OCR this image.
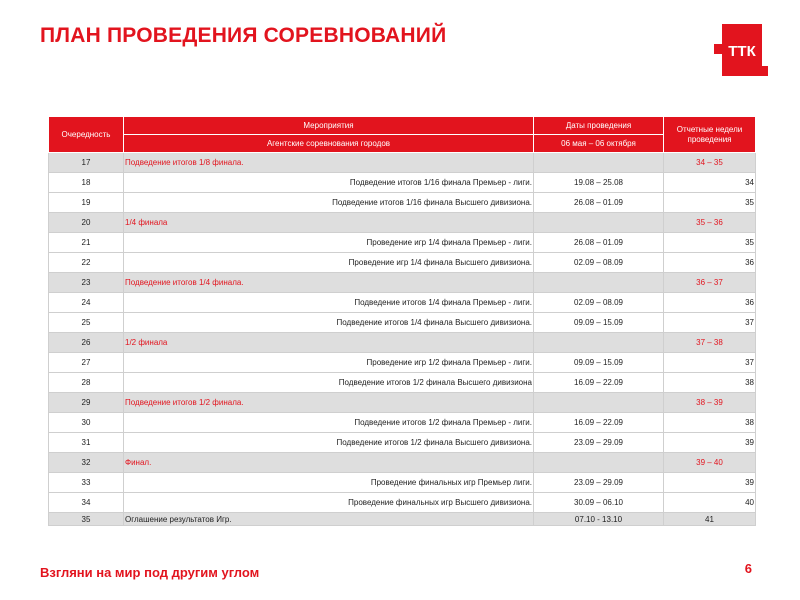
ПЛАН ПРОВЕДЕНИЯ СОРЕВНОВАНИЙ
ТТК
Очередность	Мероприятия	Даты проведения	Отчетные недели проведения
	Агентские соревнования городов	06 мая – 06 октября	
17	Подведение итогов 1/8 финала.		34 – 35
18	Подведение итогов 1/16 финала Премьер - лиги.	19.08 – 25.08	34
19	Подведение итогов 1/16 финала Высшего дивизиона.	26.08 – 01.09	35
20	1/4 финала		35 – 36
21	Проведение игр 1/4 финала Премьер - лиги.	26.08 – 01.09	35
22	Проведение игр 1/4 финала Высшего дивизиона.	02.09 – 08.09	36
23	Подведение итогов 1/4 финала.		36 – 37
24	Подведение итогов 1/4 финала Премьер - лиги.	02.09 – 08.09	36
25	Подведение итогов 1/4 финала Высшего дивизиона.	09.09 – 15.09	37
26	1/2 финала		37 – 38
27	Проведение игр 1/2 финала Премьер - лиги.	09.09 – 15.09	37
28	Подведение итогов 1/2 финала Высшего дивизиона	16.09 – 22.09	38
29	Подведение итогов 1/2 финала.		38 – 39
30	Подведение итогов 1/2 финала Премьер - лиги.	16.09 – 22.09	38
31	Подведение итогов 1/2 финала Высшего дивизиона.	23.09 – 29.09	39
32	Финал.		39 – 40
33	Проведение финальных игр Премьер лиги.	23.09 – 29.09	39
34	Проведение финальных игр Высшего дивизиона.	30.09 – 06.10	40
35	Оглашение результатов Игр.	07.10 - 13.10	41
Взгляни на мир под другим углом	6
